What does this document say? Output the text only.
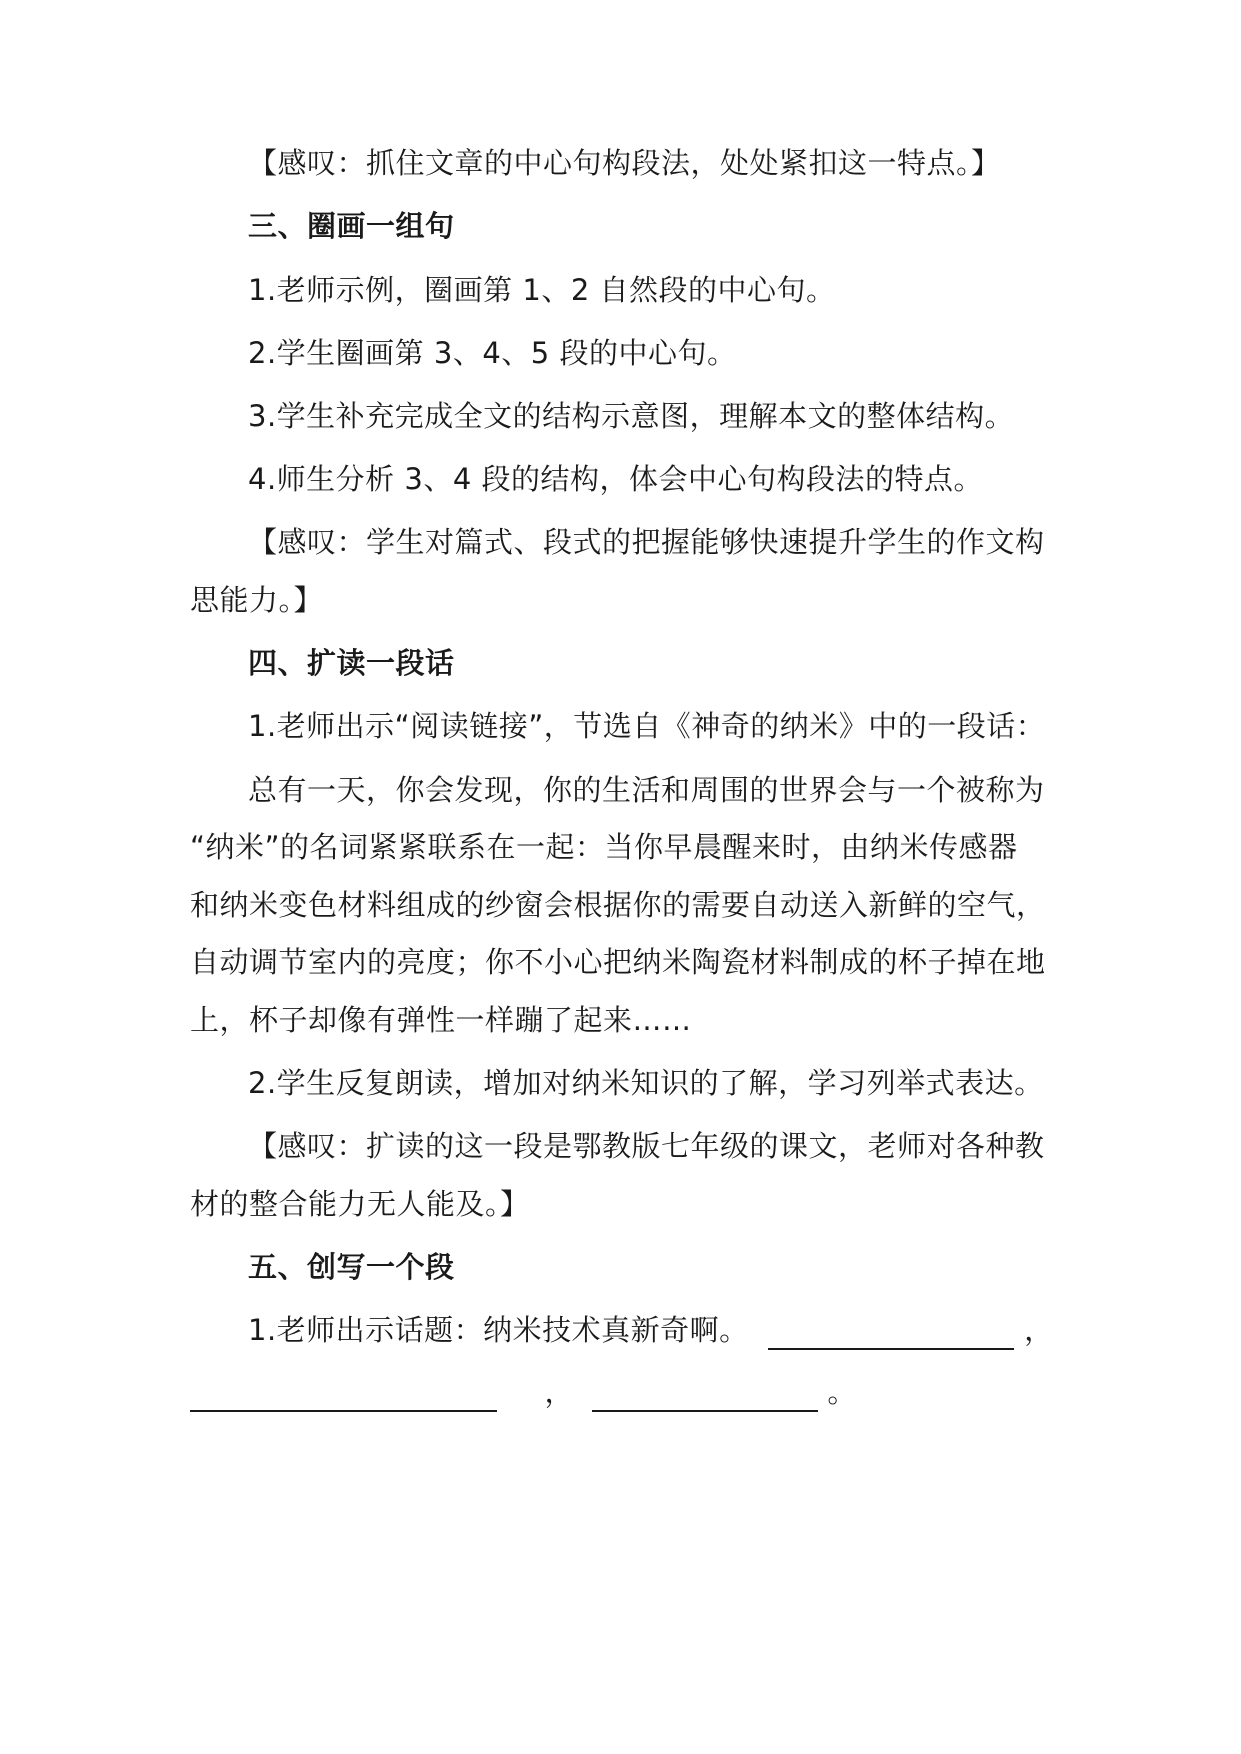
【感叹：抓住文章的中心句构段法，处处紧扣这一特点。】
三、圈画一组句
1.老师示例，圈画第 1、2 自然段的中心句。
2.学生圈画第 3、4、5 段的中心句。
3.学生补充完成全文的结构示意图，理解本文的整体结构。
4.师生分析 3、4 段的结构，体会中心句构段法的特点。
【感叹：学生对篇式、段式的把握能够快速提升学生的作文构
思能力。】
四、扩读一段话
1.老师出示“阅读链接”，节选自《神奇的纳米》中的一段话：
总有一天，你会发现，你的生活和周围的世界会与一个被称为
“纳米”的名词紧紧联系在一起：当你早晨醒来时，由纳米传感器
和纳米变色材料组成的纱窗会根据你的需要自动送入新鲜的空气，
自动调节室内的亮度；你不小心把纳米陶瓷材料制成的杯子掉在地
上，杯子却像有弹性一样蹦了起来……
2.学生反复朗读，增加对纳米知识的了解，学习列举式表达。
【感叹：扩读的这一段是鄂教版七年级的课文，老师对各种教
材的整合能力无人能及。】
五、创写一个段
1.老师出示话题：纳米技术真新奇啊。	，
，	。
